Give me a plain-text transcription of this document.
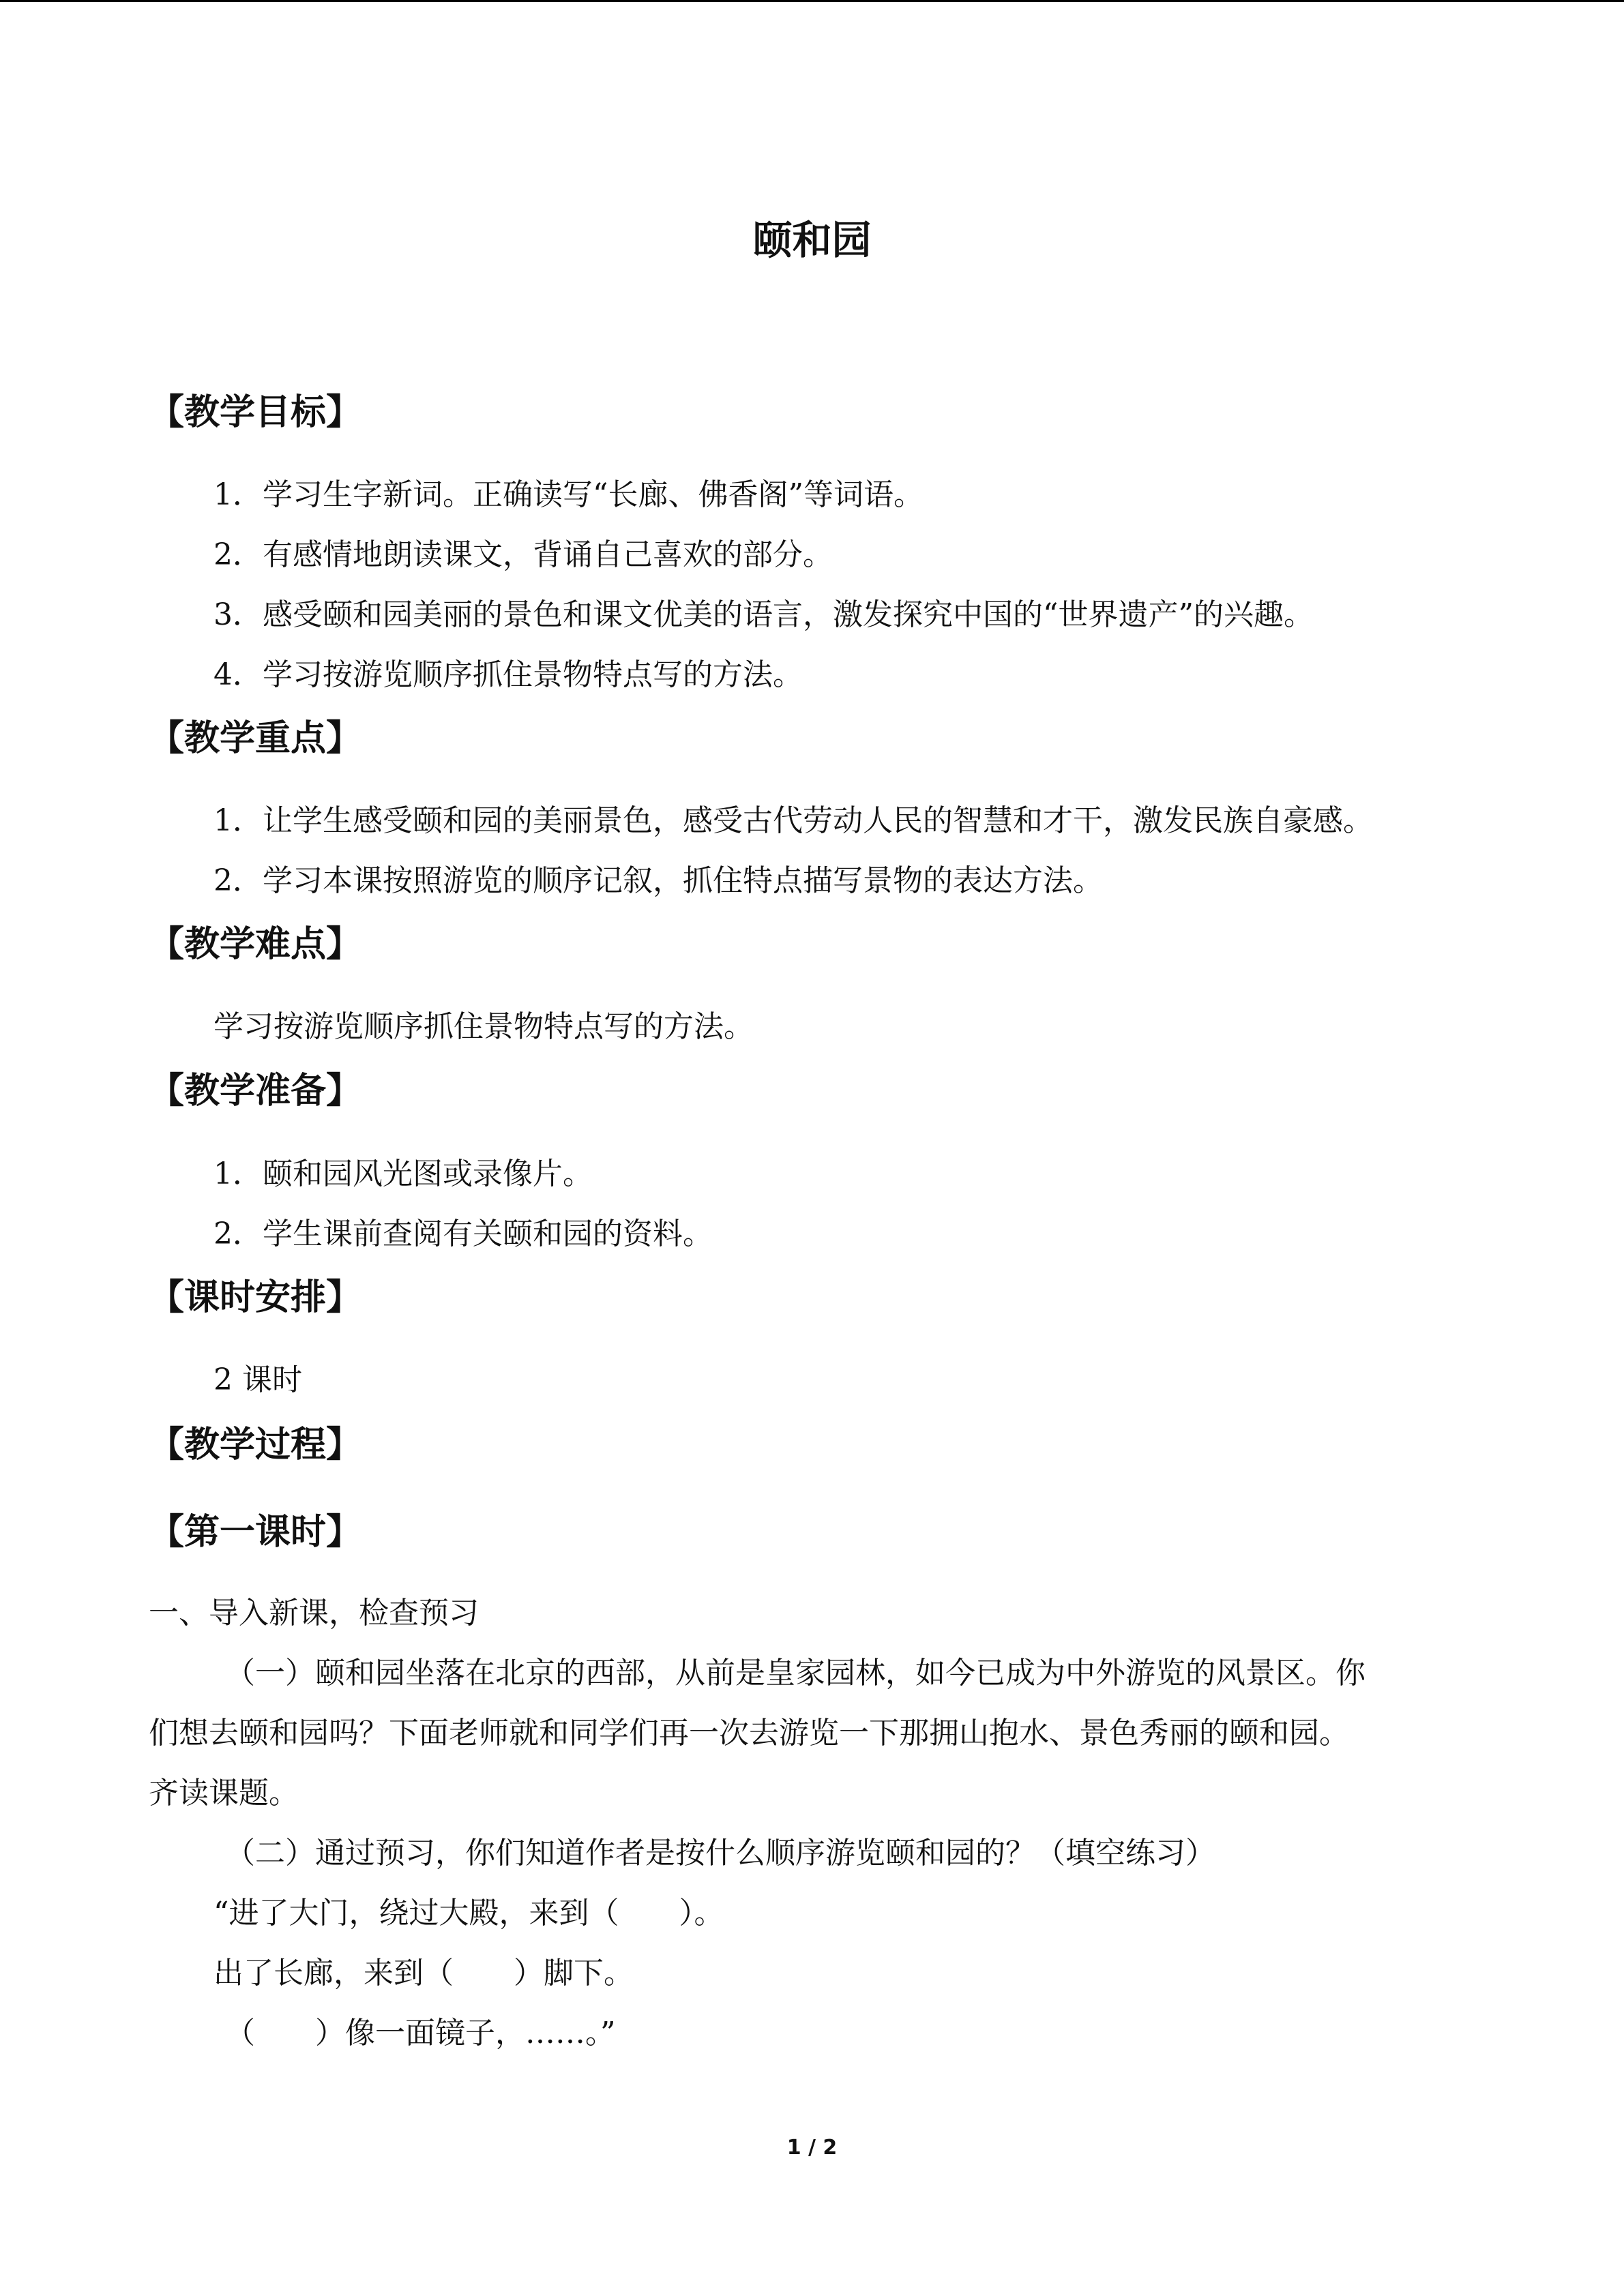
颐和园
【教学目标】
1．学习生字新词。正确读写“长廊、佛香阁”等词语。
2．有感情地朗读课文，背诵自己喜欢的部分。
3．感受颐和园美丽的景色和课文优美的语言，激发探究中国的“世界遗产”的兴趣。
4．学习按游览顺序抓住景物特点写的方法。
【教学重点】
1．让学生感受颐和园的美丽景色，感受古代劳动人民的智慧和才干，激发民族自豪感。
2．学习本课按照游览的顺序记叙，抓住特点描写景物的表达方法。
【教学难点】
学习按游览顺序抓住景物特点写的方法。
【教学准备】
1．颐和园风光图或录像片。
2．学生课前查阅有关颐和园的资料。
【课时安排】
2 课时
【教学过程】
【第一课时】
一、导入新课，检查预习
（一）颐和园坐落在北京的西部，从前是皇家园林，如今已成为中外游览的风景区。你
们想去颐和园吗？下面老师就和同学们再一次去游览一下那拥山抱水、景色秀丽的颐和园。
齐读课题。
（二）通过预习，你们知道作者是按什么顺序游览颐和园的？（填空练习）
“进了大门，绕过大殿，来到（　　）。
出了长廊，来到（　　）脚下。
（　　）像一面镜子，……。”
1 / 2
